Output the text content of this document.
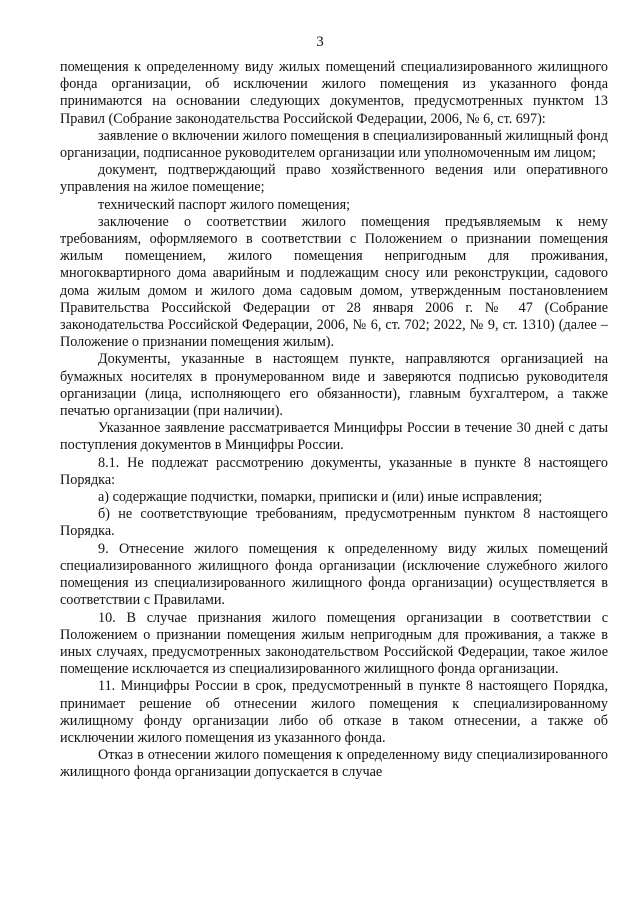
3

помещения к определенному виду жилых помещений специализированного жилищного фонда организации, об исключении жилого помещения из указанного фонда принимаются на основании следующих документов, предусмотренных пунктом 13 Правил (Собрание законодательства Российской Федерации, 2006, № 6, ст. 697):

заявление о включении жилого помещения в специализированный жилищный фонд организации, подписанное руководителем организации или уполномоченным им лицом;

документ, подтверждающий право хозяйственного ведения или оперативного управления на жилое помещение;

технический паспорт жилого помещения;

заключение о соответствии жилого помещения предъявляемым к нему требованиям, оформляемого в соответствии с Положением о признании помещения жилым помещением, жилого помещения непригодным для проживания, многоквартирного дома аварийным и подлежащим сносу или реконструкции, садового дома жилым домом и жилого дома садовым домом, утвержденным постановлением Правительства Российской Федерации от 28 января 2006 г. № 47 (Собрание законодательства Российской Федерации, 2006, № 6, ст. 702; 2022, № 9, ст. 1310) (далее – Положение о признании помещения жилым).

Документы, указанные в настоящем пункте, направляются организацией на бумажных носителях в пронумерованном виде и заверяются подписью руководителя организации (лица, исполняющего его обязанности), главным бухгалтером, а также печатью организации (при наличии).

Указанное заявление рассматривается Минцифры России в течение 30 дней с даты поступления документов в Минцифры России.

8.1. Не подлежат рассмотрению документы, указанные в пункте 8 настоящего Порядка:

а) содержащие подчистки, помарки, приписки и (или) иные исправления;

б) не соответствующие требованиям, предусмотренным пунктом 8 настоящего Порядка.

9. Отнесение жилого помещения к определенному виду жилых помещений специализированного жилищного фонда организации (исключение служебного жилого помещения из специализированного жилищного фонда организации) осуществляется в соответствии с Правилами.

10. В случае признания жилого помещения организации в соответствии с Положением о признании помещения жилым непригодным для проживания, а также в иных случаях, предусмотренных законодательством Российской Федерации, такое жилое помещение исключается из специализированного жилищного фонда организации.

11. Минцифры России в срок, предусмотренный в пункте 8 настоящего Порядка, принимает решение об отнесении жилого помещения к специализированному жилищному фонду организации либо об отказе в таком отнесении, а также об исключении жилого помещения из указанного фонда.

Отказ в отнесении жилого помещения к определенному виду специализированного жилищного фонда организации допускается в случае
